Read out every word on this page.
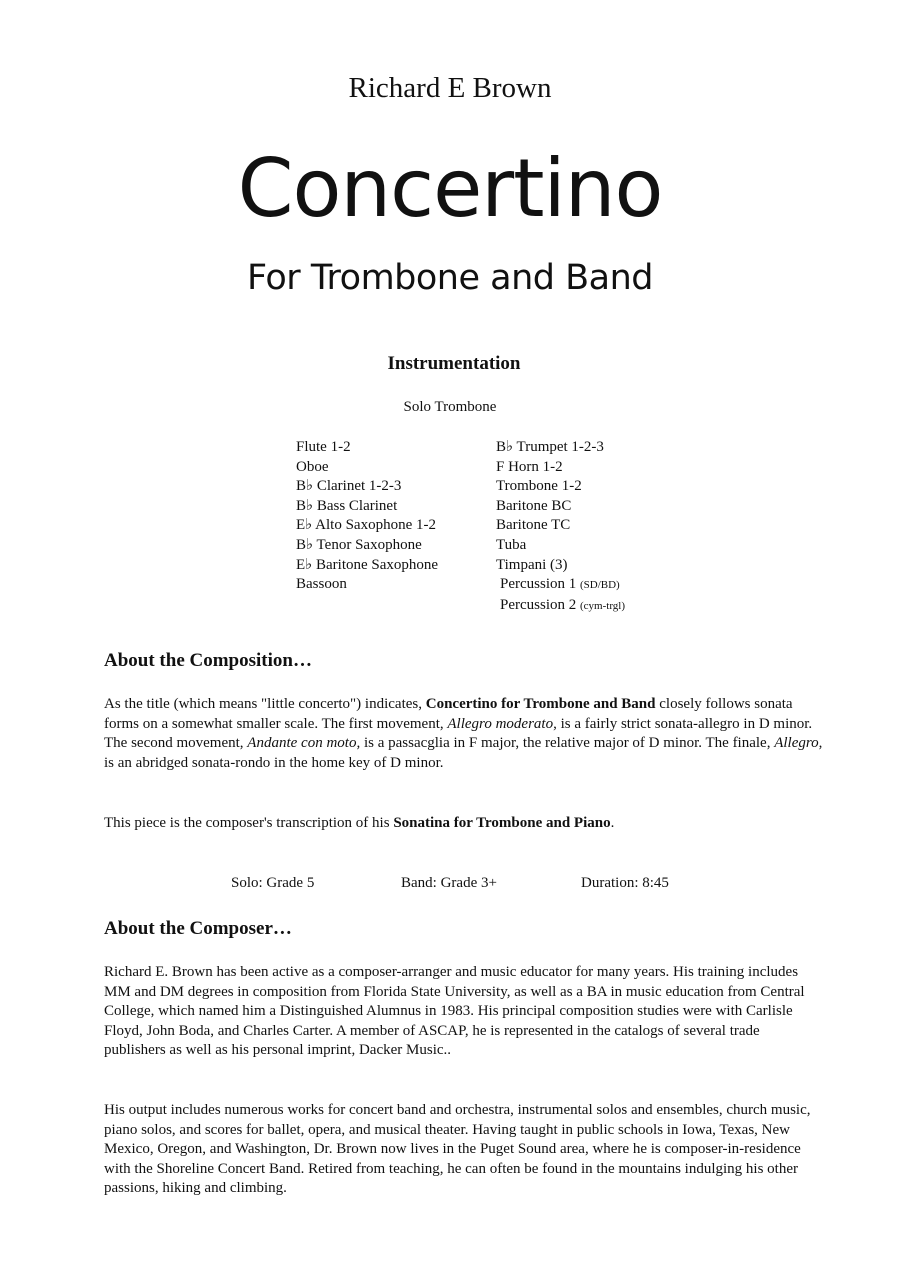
Richard E Brown
Concertino
For Trombone and Band
Instrumentation
Solo Trombone
Flute 1-2
Oboe
B♭ Clarinet 1-2-3
B♭ Bass Clarinet
E♭ Alto Saxophone 1-2
B♭ Tenor Saxophone
E♭ Baritone Saxophone
Bassoon
B♭ Trumpet 1-2-3
F Horn 1-2
Trombone 1-2
Baritone BC
Baritone TC
Tuba
Timpani (3)
Percussion 1 (SD/BD)
Percussion 2 (cym-trgl)
About the Composition…
As the title (which means "little concerto") indicates, Concertino for Trombone and Band closely follows sonata forms on a somewhat smaller scale. The first movement, Allegro moderato, is a fairly strict sonata-allegro in D minor. The second movement, Andante con moto, is a passacglia in F major, the relative major of D minor. The finale, Allegro, is an abridged sonata-rondo in the home key of D minor.
This piece is the composer's transcription of his Sonatina for Trombone and Piano.
Solo: Grade 5	Band: Grade 3+	Duration: 8:45
About the Composer…
Richard E. Brown has been active as a composer-arranger and music educator for many years. His training includes MM and DM degrees in composition from Florida State University, as well as a BA in music education from Central College, which named him a Distinguished Alumnus in 1983. His principal composition studies were with Carlisle Floyd, John Boda, and Charles Carter. A member of ASCAP, he is represented in the catalogs of several trade publishers as well as his personal imprint, Dacker Music..
His output includes numerous works for concert band and orchestra, instrumental solos and ensembles, church music, piano solos, and scores for ballet, opera, and musical theater. Having taught in public schools in Iowa, Texas, New Mexico, Oregon, and Washington, Dr. Brown now lives in the Puget Sound area, where he is composer-in-residence with the Shoreline Concert Band. Retired from teaching, he can often be found in the mountains indulging his other passions, hiking and climbing.
